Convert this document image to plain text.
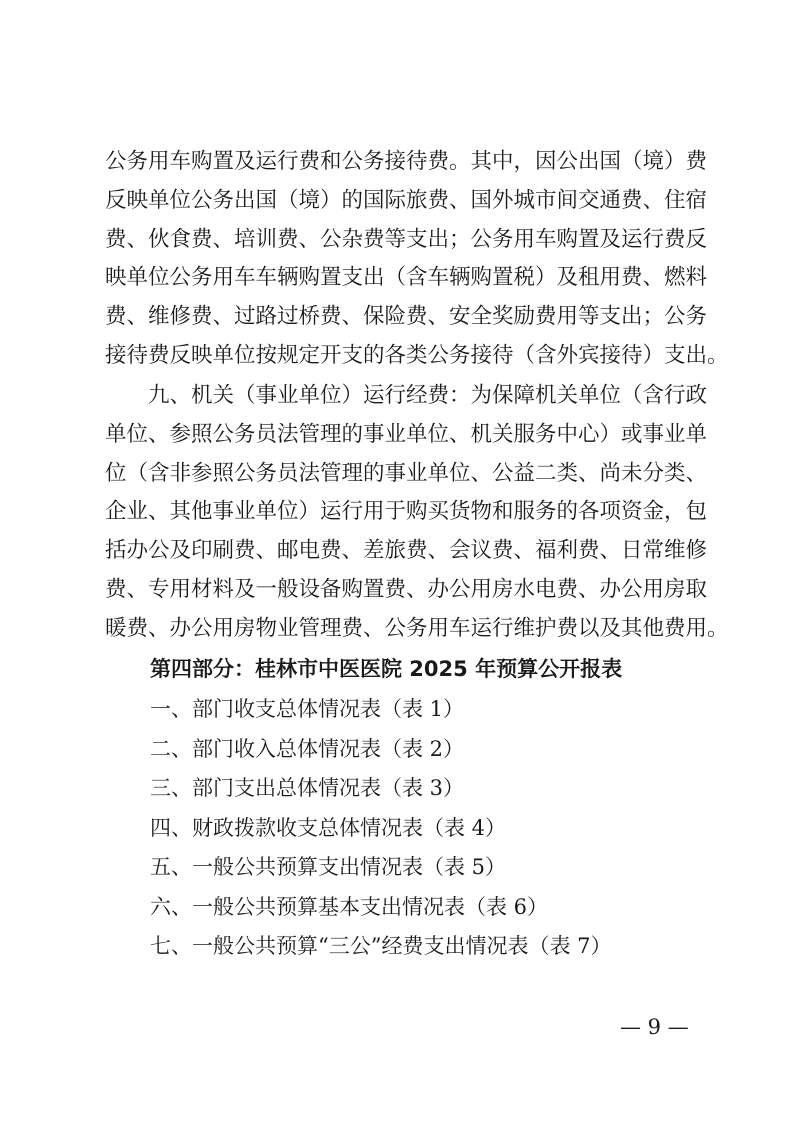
公务用车购置及运行费和公务接待费。其中，因公出国（境）费
反映单位公务出国（境）的国际旅费、国外城市间交通费、住宿
费、伙食费、培训费、公杂费等支出；公务用车购置及运行费反
映单位公务用车车辆购置支出（含车辆购置税）及租用费、燃料
费、维修费、过路过桥费、保险费、安全奖励费用等支出；公务
接待费反映单位按规定开支的各类公务接待（含外宾接待）支出。
　　九、机关（事业单位）运行经费：为保障机关单位（含行政
单位、参照公务员法管理的事业单位、机关服务中心）或事业单
位（含非参照公务员法管理的事业单位、公益二类、尚未分类、
企业、其他事业单位）运行用于购买货物和服务的各项资金，包
括办公及印刷费、邮电费、差旅费、会议费、福利费、日常维修
费、专用材料及一般设备购置费、办公用房水电费、办公用房取
暖费、办公用房物业管理费、公务用车运行维护费以及其他费用。
第四部分：桂林市中医医院 2025 年预算公开报表
一、部门收支总体情况表（表 1）
二、部门收入总体情况表（表 2）
三、部门支出总体情况表（表 3）
四、财政拨款收支总体情况表（表 4）
五、一般公共预算支出情况表（表 5）
六、一般公共预算基本支出情况表（表 6）
七、一般公共预算“三公”经费支出情况表（表 7）
— 9 —
